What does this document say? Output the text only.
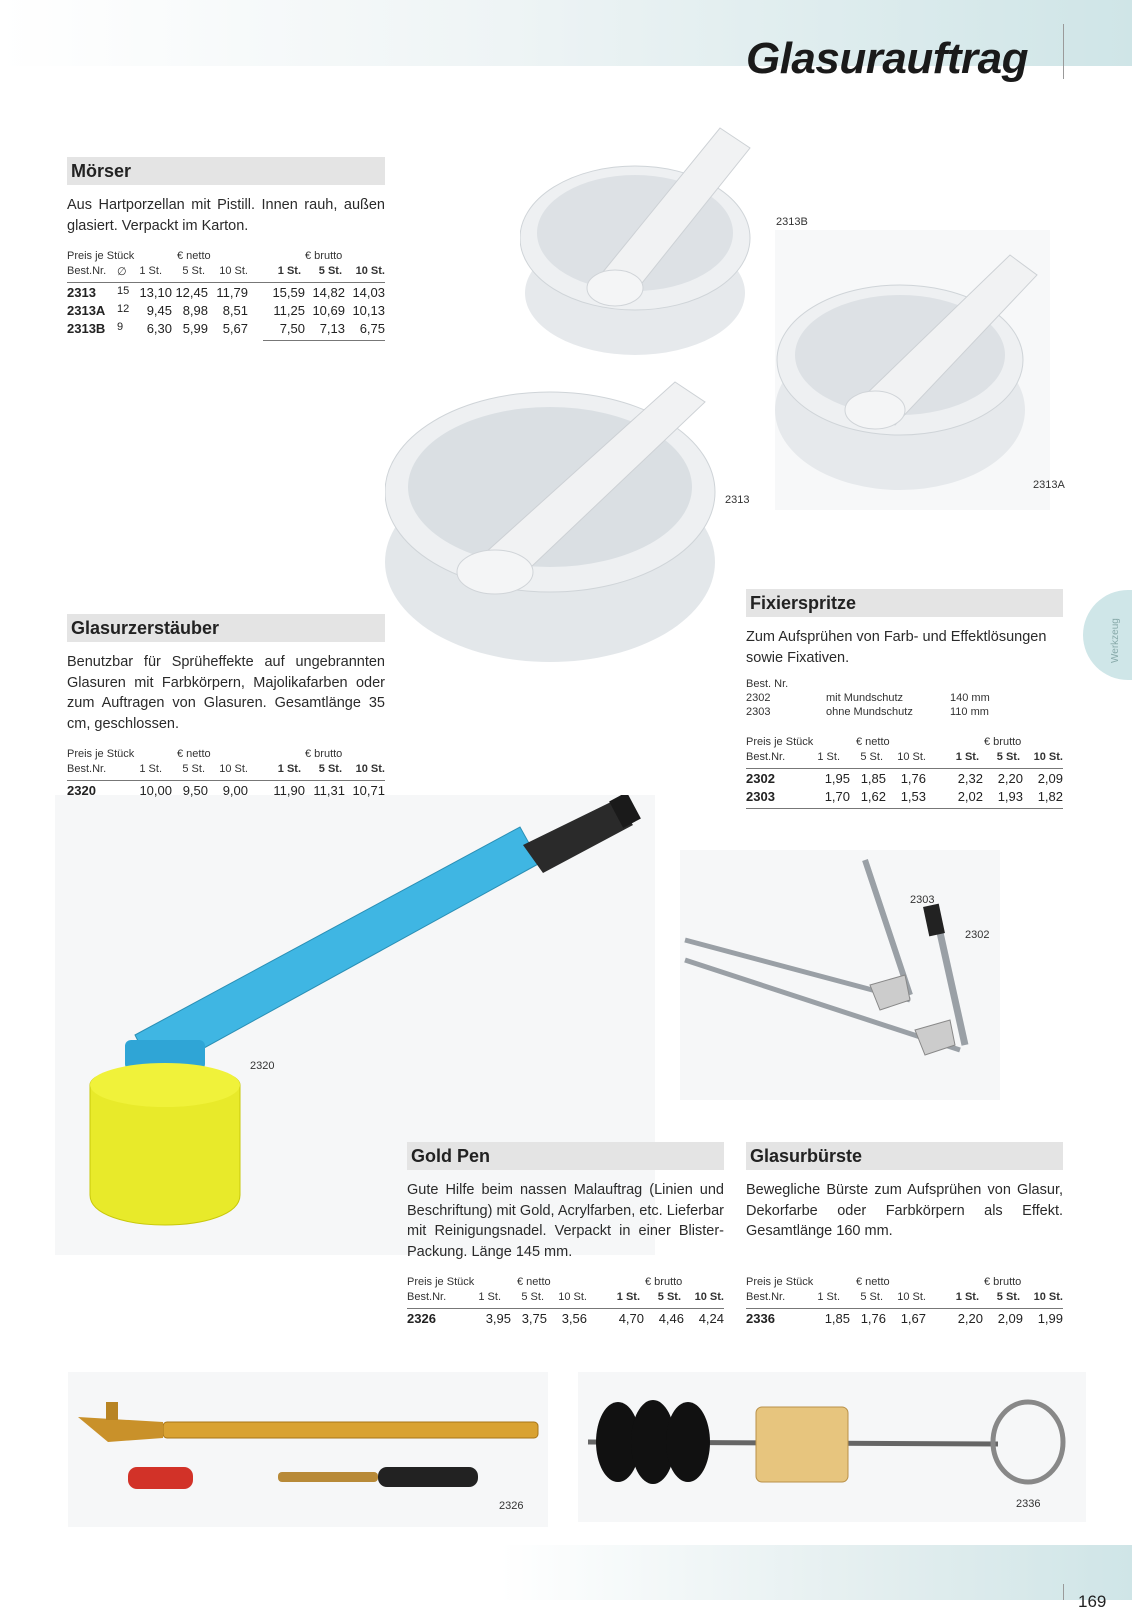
Glasurauftrag
Werkzeug
169
2313B
2313A
2313
2320
2303
2302
2326	2336
Mörser
Aus Hartporzellan mit Pistill. Innen rauh, außen glasiert. Verpackt im Karton.
Preis je Stück	€ netto	€ brutto
Best.Nr. ∅ 1 St. 5 St. 10 St.	1 St. 5 St. 10 St.
2313 15 13,10 12,45 11,79 15,59 14,82 14,03
2313A 12 9,45 8,98 8,51 11,25 10,69 10,13
2313B 9 6,30 5,99 5,67 7,50 7,13 6,75
Glasurzerstäuber
Benutzbar für Sprüheffekte auf ungebrannten Glasuren mit Farbkörpern, Majolikafarben oder zum Auftragen von Glasuren. Gesamtlänge 35 cm, geschlossen.
Preis je Stück	€ netto	€ brutto
Best.Nr.	1 St. 5 St. 10 St.	1 St. 5 St. 10 St.
2320	10,00 9,50 9,00 11,90 11,31 10,71
Fixierspritze
Zum Aufsprühen von Farb- und Effektlösungen sowie Fixativen.
Best. Nr.
2302	mit Mundschutz	140 mm
2303	ohne Mundschutz	110 mm
Preis je Stück	€ netto	€ brutto
Best.Nr.	1 St. 5 St. 10 St.	1 St. 5 St. 10 St.
2302	1,95 1,85 1,76 2,32 2,20 2,09
2303	1,70 1,62 1,53 2,02 1,93 1,82
Gold Pen
Gute Hilfe beim nassen Malauftrag (Linien und Beschriftung) mit Gold, Acrylfarben, etc. Lieferbar mit Reinigungsnadel. Verpackt in einer Blister-Packung. Länge 145 mm.
Preis je Stück	€ netto	€ brutto
Best.Nr.	1 St. 5 St. 10 St.	1 St. 5 St. 10 St.
2326	3,95 3,75 3,56 4,70 4,46 4,24
Glasurbürste
Bewegliche Bürste zum Aufsprühen von Glasur, Dekorfarbe oder Farbkörpern als Effekt. Gesamtlänge 160 mm.
Preis je Stück	€ netto	€ brutto
Best.Nr.	1 St. 5 St. 10 St.	1 St. 5 St. 10 St.
2336	1,85 1,76 1,67 2,20 2,09 1,99
